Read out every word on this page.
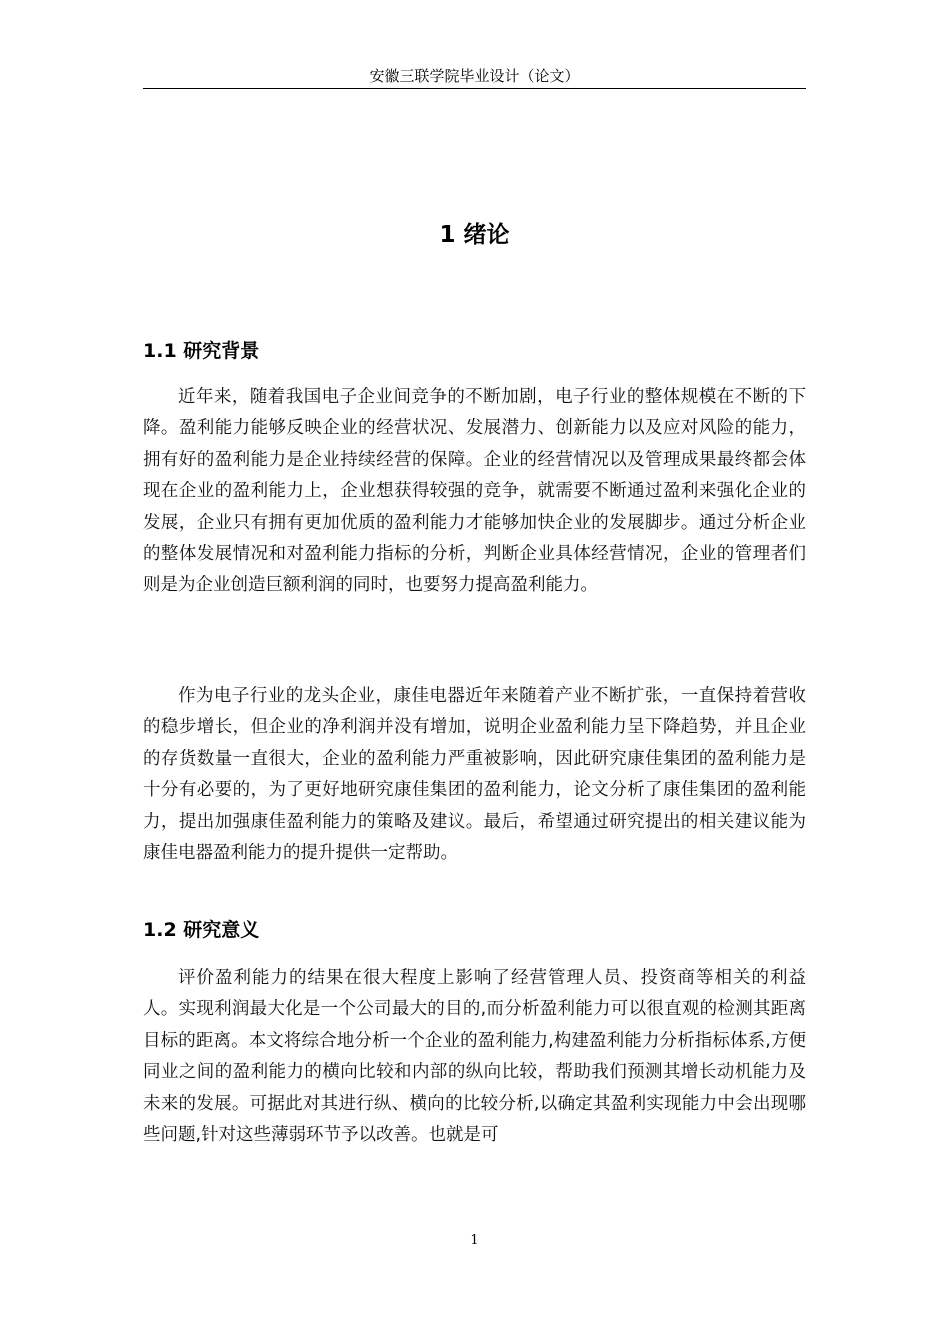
安徽三联学院毕业设计（论文）
1 绪论
1.1 研究背景

近年来，随着我国电子企业间竞争的不断加剧，电子行业的整体规模在不断的下降。盈利能力能够反映企业的经营状况、发展潜力、创新能力以及应对风险的能力，拥有好的盈利能力是企业持续经营的保障。企业的经营情况以及管理成果最终都会体现在企业的盈利能力上，企业想获得较强的竞争，就需要不断通过盈利来强化企业的发展，企业只有拥有更加优质的盈利能力才能够加快企业的发展脚步。通过分析企业的整体发展情况和对盈利能力指标的分析，判断企业具体经营情况，企业的管理者们则是为企业创造巨额利润的同时，也要努力提高盈利能力。

作为电子行业的龙头企业，康佳电器近年来随着产业不断扩张，一直保持着营收的稳步增长，但企业的净利润并没有增加，说明企业盈利能力呈下降趋势，并且企业的存货数量一直很大，企业的盈利能力严重被影响，因此研究康佳集团的盈利能力是十分有必要的，为了更好地研究康佳集团的盈利能力，论文分析了康佳集团的盈利能力，提出加强康佳盈利能力的策略及建议。最后，希望通过研究提出的相关建议能为康佳电器盈利能力的提升提供一定帮助。

1.2 研究意义

评价盈利能力的结果在很大程度上影响了经营管理人员、投资商等相关的利益人。实现利润最大化是一个公司最大的目的,而分析盈利能力可以很直观的检测其距离目标的距离。本文将综合地分析一个企业的盈利能力,构建盈利能力分析指标体系,方便同业之间的盈利能力的横向比较和内部的纵向比较，帮助我们预测其增长动机能力及未来的发展。可据此对其进行纵、横向的比较分析,以确定其盈利实现能力中会出现哪些问题,针对这些薄弱环节予以改善。也就是可

1
